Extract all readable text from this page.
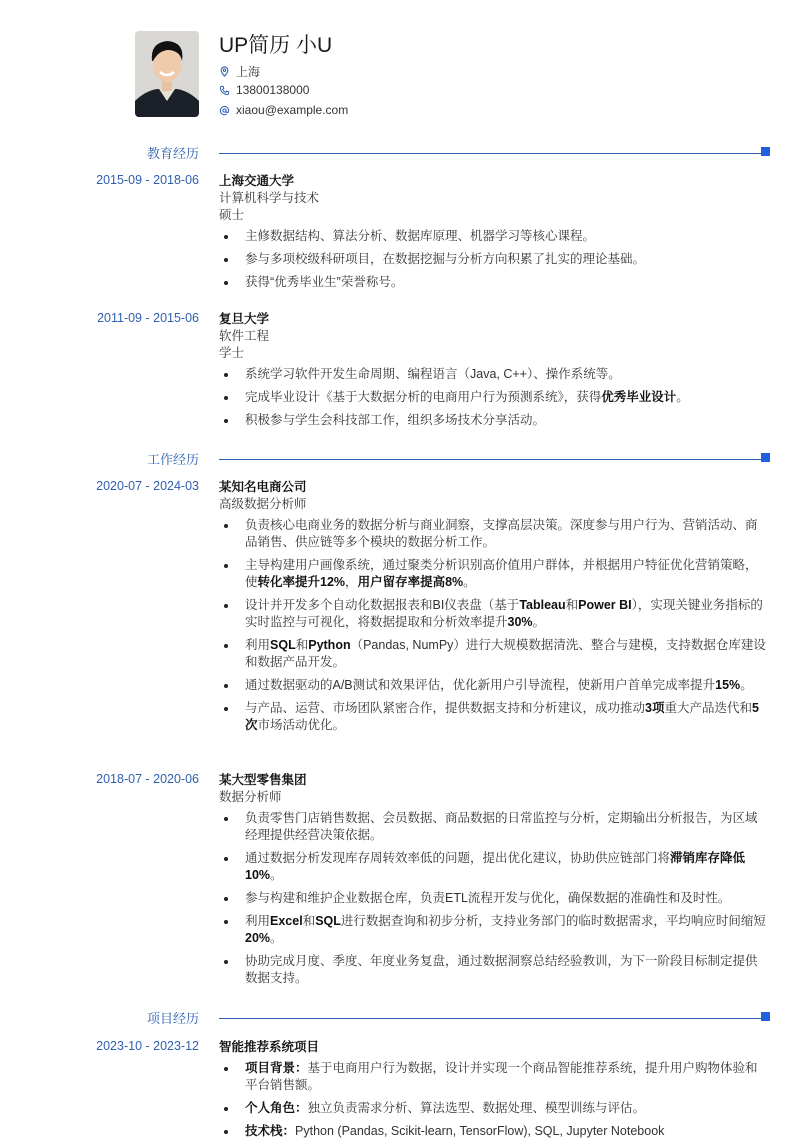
UP简历 小U
上海
13800138000
xiaou@example.com
教育经历
2015-09 - 2018-06 上海交通大学
计算机科学与技术
硕士
主修数据结构、算法分析、数据库原理、机器学习等核心课程。
参与多项校级科研项目，在数据挖掘与分析方向积累了扎实的理论基础。
获得“优秀毕业生”荣誉称号。
2011-09 - 2015-06 复旦大学
软件工程
学士
系统学习软件开发生命周期、编程语言（Java, C++）、操作系统等。
完成毕业设计《基于大数据分析的电商用户行为预测系统》，获得优秀毕业设计。
积极参与学生会科技部工作，组织多场技术分享活动。
工作经历
2020-07 - 2024-03 某知名电商公司
高级数据分析师
负责核心电商业务的数据分析与商业洞察，支撑高层决策。深度参与用户行为、营销活动、商品销售、供应链等多个模块的数据分析工作。
主导构建用户画像系统，通过聚类分析识别高价值用户群体，并根据用户特征优化营销策略，使转化率提升12%，用户留存率提高8%。
设计并开发多个自动化数据报表和BI仪表盘（基于Tableau和Power BI），实现关键业务指标的实时监控与可视化，将数据提取和分析效率提升30%。
利用SQL和Python（Pandas, NumPy）进行大规模数据清洗、整合与建模，支持数据仓库建设和数据产品开发。
通过数据驱动的A/B测试和效果评估，优化新用户引导流程，使新用户首单完成率提升15%。
与产品、运营、市场团队紧密合作，提供数据支持和分析建议，成功推动3项重大产品迭代和5次市场活动优化。
2018-07 - 2020-06 某大型零售集团
数据分析师
负责零售门店销售数据、会员数据、商品数据的日常监控与分析，定期输出分析报告，为区域经理提供经营决策依据。
通过数据分析发现库存周转效率低的问题，提出优化建议，协助供应链部门将滞销库存降低10%。
参与构建和维护企业数据仓库，负责ETL流程开发与优化，确保数据的准确性和及时性。
利用Excel和SQL进行数据查询和初步分析，支持业务部门的临时数据需求，平均响应时间缩短20%。
协助完成月度、季度、年度业务复盘，通过数据洞察总结经验教训，为下一阶段目标制定提供数据支持。
项目经历
2023-10 - 2023-12 智能推荐系统项目
项目背景：基于电商用户行为数据，设计并实现一个商品智能推荐系统，提升用户购物体验和平台销售额。
个人角色：独立负责需求分析、算法选型、数据处理、模型训练与评估。
技术栈：Python (Pandas, Scikit-learn, TensorFlow), SQL, Jupyter Notebook
